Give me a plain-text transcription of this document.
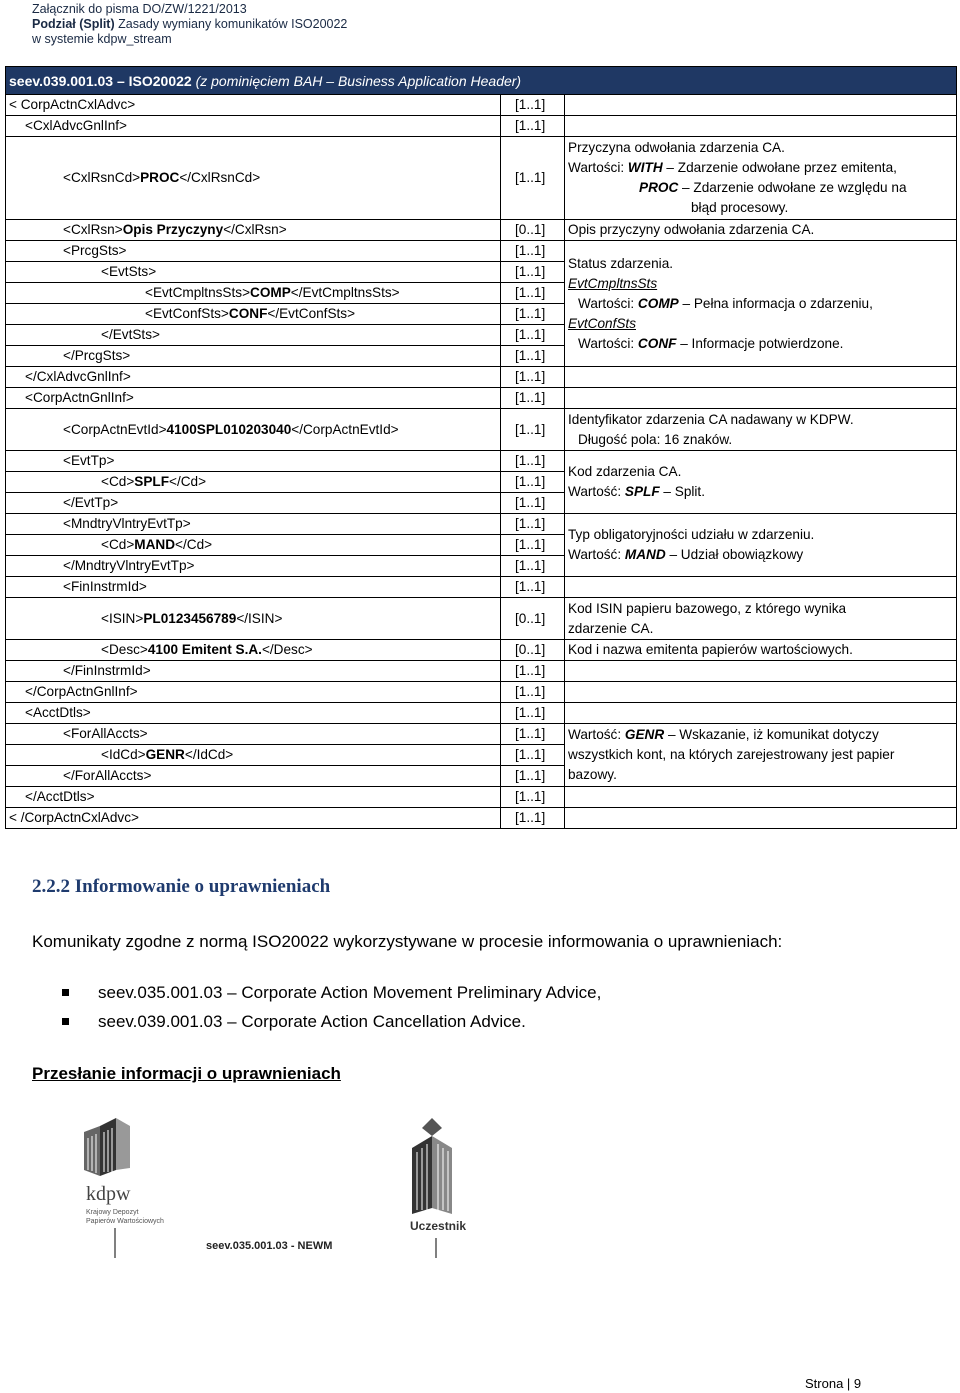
Załącznik do pisma DO/ZW/1221/2013
Podział (Split) Zasady wymiany komunikatów ISO20022
w systemie kdpw_stream
seev.039.001.03 – ISO20022 (z pominięciem BAH – Business Application Header)		
< CorpActnCxlAdvc>	[1..1]	
<CxlAdvcGnlInf>	[1..1]	
<CxlRsnCd>PROC</CxlRsnCd>	[1..1]	Przyczyna odwołania zdarzenia CA.
Wartości: WITH – Zdarzenie odwołane przez emitenta,
PROC – Zdarzenie odwołane ze względu na
błąd procesowy.

<CxlRsn>Opis Przyczyny</CxlRsn>	[0..1]	Opis przyczyny odwołania zdarzenia CA.
<PrcgSts>	[1..1]	Status zdarzenia.
EvtCmpltnsSts
Wartości: COMP – Pełna informacja o zdarzeniu,
EvtConfSts
Wartości: CONF – Informacje potwierdzone.

<EvtSts>	[1..1]	
<EvtCmpltnsSts>COMP</EvtCmpltnsSts>	[1..1]	
<EvtConfSts>CONF</EvtConfSts>	[1..1]	
</EvtSts>	[1..1]	
</PrcgSts>	[1..1]	
</CxlAdvcGnlInf>	[1..1]	
<CorpActnGnlInf>	[1..1]	
<CorpActnEvtId>4100SPL010203040</CorpActnEvtId>	[1..1]	Identyfikator zdarzenia CA nadawany w KDPW.
Długość pola: 16 znaków.

<EvtTp>	[1..1]	Kod zdarzenia CA.
Wartość: SPLF – Split.

<Cd>SPLF</Cd>	[1..1]	
</EvtTp>	[1..1]	
<MndtryVlntryEvtTp>	[1..1]	Typ obligatoryjności udziału w zdarzeniu.
Wartość: MAND – Udział obowiązkowy

<Cd>MAND</Cd>	[1..1]	
</MndtryVlntryEvtTp>	[1..1]	
<FinInstrmId>	[1..1]	
<ISIN>PL0123456789</ISIN>	[0..1]	Kod ISIN papieru bazowego, z którego wynika
zdarzenie CA.

<Desc>4100 Emitent S.A.</Desc>	[0..1]	Kod i nazwa emitenta papierów wartościowych.
</FinInstrmId>	[1..1]	
</CorpActnGnlInf>	[1..1]	
<AcctDtls>	[1..1]	
<ForAllAccts>	[1..1]	Wartość: GENR – Wskazanie, iż komunikat dotyczy
wszystkich kont, na których zarejestrowany jest papier
bazowy.

<IdCd>GENR</IdCd>	[1..1]	
</ForAllAccts>	[1..1]	
</AcctDtls>	[1..1]	
< /CorpActnCxlAdvc>	[1..1]	
2.2.2 Informowanie o uprawnieniach
Komunikaty zgodne z normą ISO20022 wykorzystywane w procesie informowania o uprawnieniach:
seev.035.001.03 – Corporate Action Movement Preliminary Advice,
seev.039.001.03 – Corporate Action Cancellation Advice.
Przesłanie informacji o uprawnieniach
kdpw
Krajowy Depozyt
Papierów Wartościowych	Uczestnik
seev.035.001.03 - NEWM
Strona | 9
